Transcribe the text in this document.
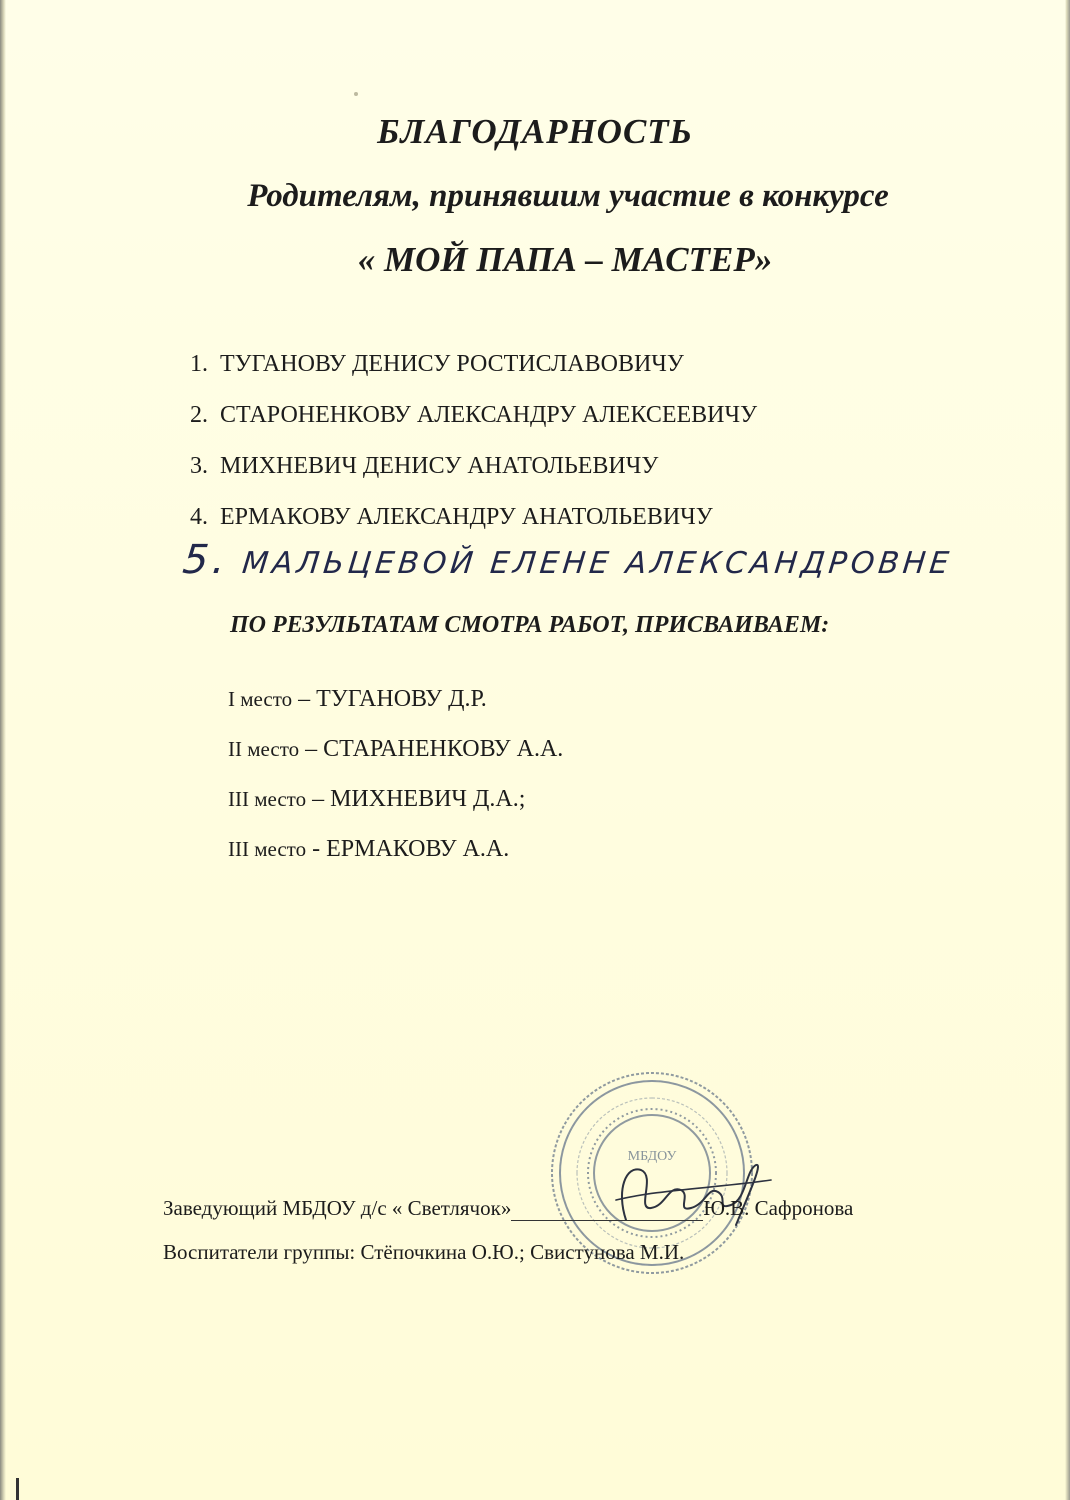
БЛАГОДАРНОСТЬ
Родителям, принявшим участие в конкурсе
« МОЙ ПАПА – МАСТЕР»
1. ТУГАНОВУ ДЕНИСУ РОСТИСЛАВОВИЧУ
2. СТАРОНЕНКОВУ АЛЕКСАНДРУ АЛЕКСЕЕВИЧУ
3. МИХНЕВИЧ ДЕНИСУ АНАТОЛЬЕВИЧУ
4. ЕРМАКОВУ АЛЕКСАНДРУ АНАТОЛЬЕВИЧУ
5. МАЛЬЦЕВОЙ ЕЛЕНЕ АЛЕКСАНДРОВНЕ
ПО РЕЗУЛЬТАТАМ СМОТРА РАБОТ, ПРИСВАИВАЕМ:
I место – ТУГАНОВУ Д.Р.
II место – СТАРАНЕНКОВУ А.А.
III место – МИХНЕВИЧ Д.А.;
III место - ЕРМАКОВУ А.А.
МБДОУ
Заведующий МБДОУ д/с « Светлячок»	Ю.В. Сафронова
Воспитатели группы: Стёпочкина О.Ю.; Свистунова М.И.
